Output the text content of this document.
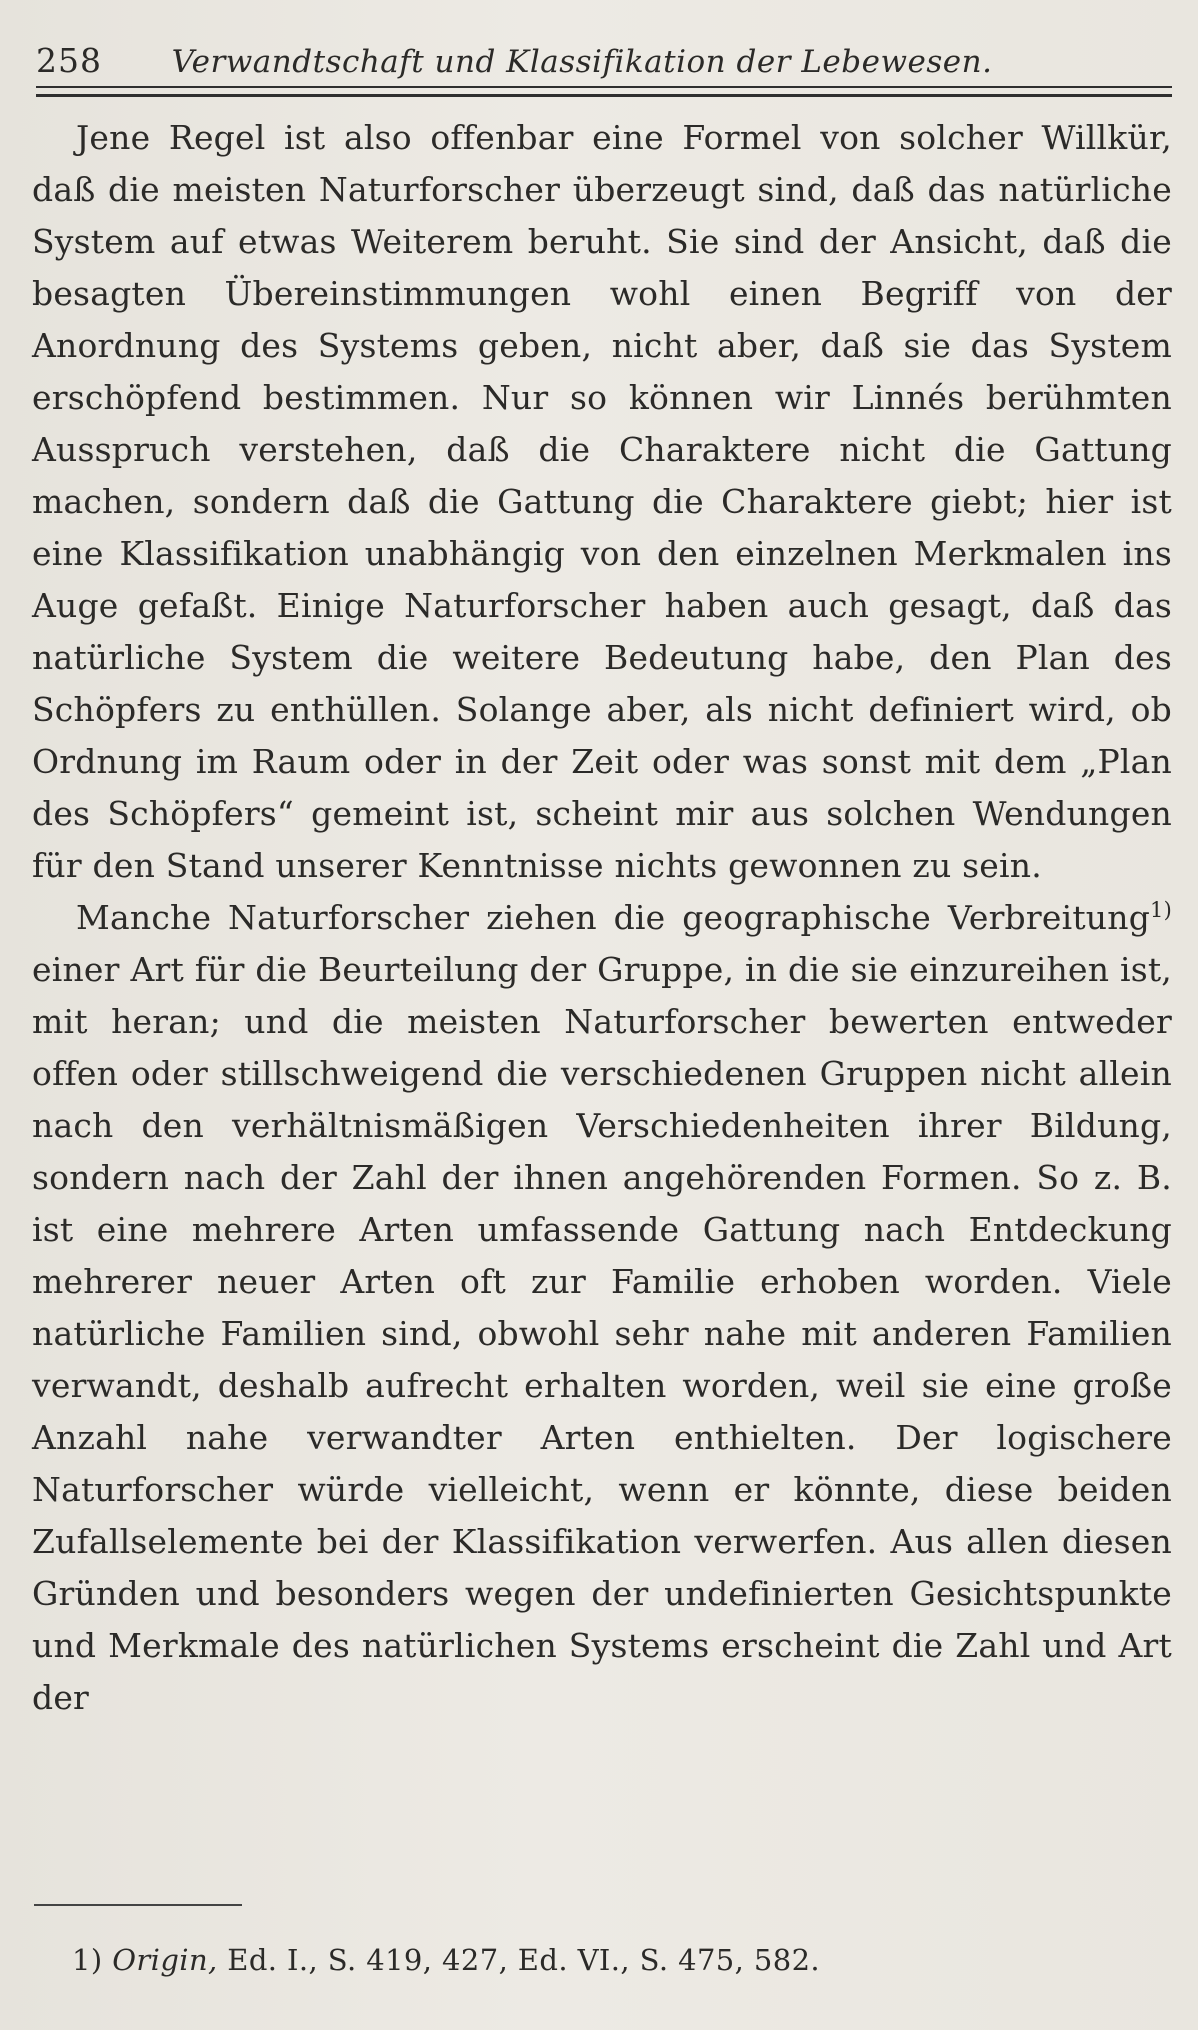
258	Verwandtschaft und Klassifikation der Lebewesen.

Jene Regel ist also offenbar eine Formel von solcher Willkür, daß die meisten Naturforscher überzeugt sind, daß das natürliche System auf etwas Weiterem beruht. Sie sind der Ansicht, daß die besagten Übereinstimmungen wohl einen Begriff von der Anordnung des Systems geben, nicht aber, daß sie das System erschöpfend bestimmen. Nur so können wir Linnés berühmten Ausspruch verstehen, daß die Charaktere nicht die Gattung machen, sondern daß die Gattung die Charaktere giebt; hier ist eine Klassifikation unabhängig von den einzelnen Merkmalen ins Auge gefaßt. Einige Naturforscher haben auch gesagt, daß das natürliche System die weitere Bedeutung habe, den Plan des Schöpfers zu enthüllen. Solange aber, als nicht definiert wird, ob Ordnung im Raum oder in der Zeit oder was sonst mit dem „Plan des Schöpfers“ gemeint ist, scheint mir aus solchen Wendungen für den Stand unserer Kenntnisse nichts gewonnen zu sein.

Manche Naturforscher ziehen die geographische Verbreitung$^{1)}$ einer Art für die Beurteilung der Gruppe, in die sie einzureihen ist, mit heran; und die meisten Naturforscher bewerten entweder offen oder stillschweigend die verschiedenen Gruppen nicht allein nach den verhältnismäßigen Verschiedenheiten ihrer Bildung, sondern nach der Zahl der ihnen angehörenden Formen. So z. B. ist eine mehrere Arten umfassende Gattung nach Entdeckung mehrerer neuer Arten oft zur Familie erhoben worden. Viele natürliche Familien sind, obwohl sehr nahe mit anderen Familien verwandt, deshalb aufrecht erhalten worden, weil sie eine große Anzahl nahe verwandter Arten enthielten. Der logischere Naturforscher würde vielleicht, wenn er könnte, diese beiden Zufallselemente bei der Klassifikation verwerfen. Aus allen diesen Gründen und besonders wegen der undefinierten Gesichtspunkte und Merkmale des natürlichen Systems erscheint die Zahl und Art der

1) Origin, Ed. I., S. 419, 427, Ed. VI., S. 475, 582.
